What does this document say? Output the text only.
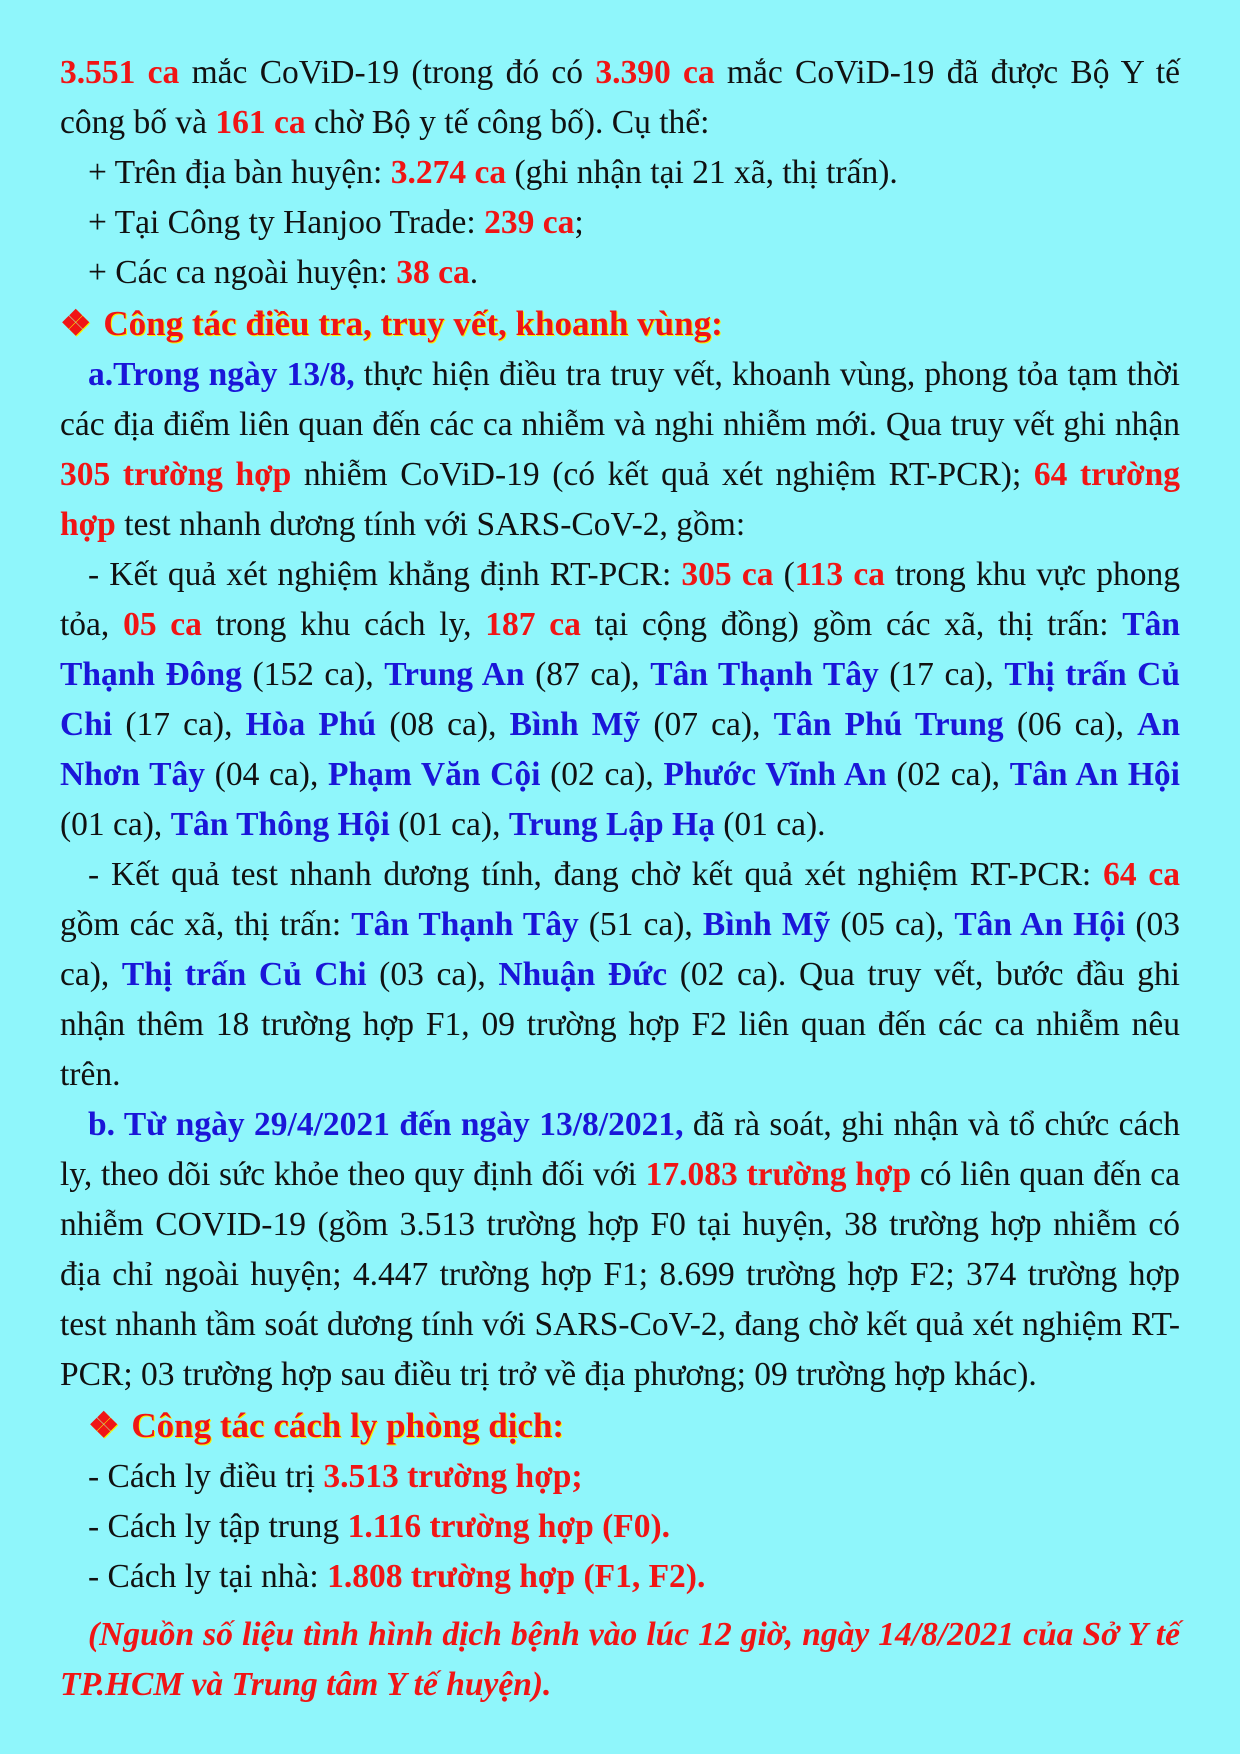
3.551 ca mắc CoViD-19 (trong đó có 3.390 ca mắc CoViD-19 đã được Bộ Y tế công bố và 161 ca chờ Bộ y tế công bố). Cụ thể:

+ Trên địa bàn huyện: 3.274 ca (ghi nhận tại 21 xã, thị trấn).

+ Tại Công ty Hanjoo Trade: 239 ca;

+ Các ca ngoài huyện: 38 ca.

❖ Công tác điều tra, truy vết, khoanh vùng:

a.Trong ngày 13/8, thực hiện điều tra truy vết, khoanh vùng, phong tỏa tạm thời các địa điểm liên quan đến các ca nhiễm và nghi nhiễm mới. Qua truy vết ghi nhận 305 trường hợp nhiễm CoViD-19 (có kết quả xét nghiệm RT-PCR); 64 trường hợp test nhanh dương tính với SARS-CoV-2, gồm:

- Kết quả xét nghiệm khẳng định RT-PCR: 305 ca (113 ca trong khu vực phong tỏa, 05 ca trong khu cách ly, 187 ca tại cộng đồng) gồm các xã, thị trấn: Tân Thạnh Đông (152 ca), Trung An (87 ca), Tân Thạnh Tây (17 ca), Thị trấn Củ Chi (17 ca), Hòa Phú (08 ca), Bình Mỹ (07 ca), Tân Phú Trung (06 ca), An Nhơn Tây (04 ca), Phạm Văn Cội (02 ca), Phước Vĩnh An (02 ca), Tân An Hội (01 ca), Tân Thông Hội (01 ca), Trung Lập Hạ (01 ca).

- Kết quả test nhanh dương tính, đang chờ kết quả xét nghiệm RT-PCR: 64 ca gồm các xã, thị trấn: Tân Thạnh Tây (51 ca), Bình Mỹ (05 ca), Tân An Hội (03 ca), Thị trấn Củ Chi (03 ca), Nhuận Đức (02 ca). Qua truy vết, bước đầu ghi nhận thêm 18 trường hợp F1, 09 trường hợp F2 liên quan đến các ca nhiễm nêu trên.

b. Từ ngày 29/4/2021 đến ngày 13/8/2021, đã rà soát, ghi nhận và tổ chức cách ly, theo dõi sức khỏe theo quy định đối với 17.083 trường hợp có liên quan đến ca nhiễm COVID-19 (gồm 3.513 trường hợp F0 tại huyện, 38 trường hợp nhiễm có địa chỉ ngoài huyện; 4.447 trường hợp F1; 8.699 trường hợp F2; 374 trường hợp test nhanh tầm soát dương tính với SARS-CoV-2, đang chờ kết quả xét nghiệm RT-PCR; 03 trường hợp sau điều trị trở về địa phương; 09 trường hợp khác).

❖ Công tác cách ly phòng dịch:

- Cách ly điều trị 3.513 trường hợp;

- Cách ly tập trung 1.116 trường hợp (F0).

- Cách ly tại nhà: 1.808 trường hợp (F1, F2).

(Nguồn số liệu tình hình dịch bệnh vào lúc 12 giờ, ngày 14/8/2021 của Sở Y tế TP.HCM và Trung tâm Y tế huyện).
